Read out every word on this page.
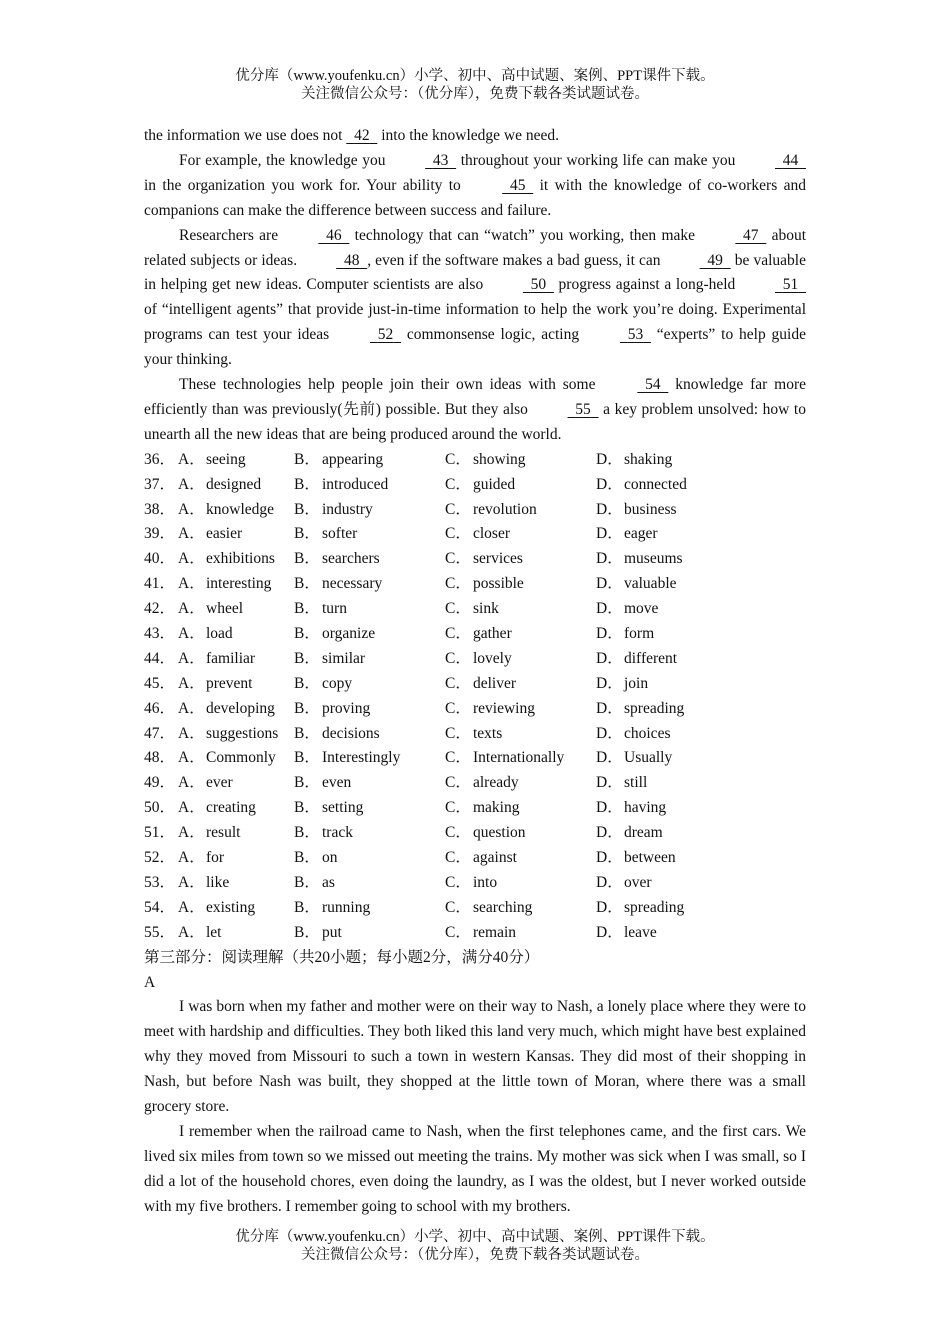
优分库（www.youfenku.cn）小学、初中、高中试题、案例、PPT课件下载。
关注微信公众号：（优分库），免费下载各类试题试卷。

the information we use does not 42 into the knowledge we need.

For example, the knowledge you	43 throughout your working life can make you	44 in the organization you work for. Your ability to	45 it with the knowledge of co-workers and companions can make the difference between success and failure.

Researchers are	46 technology that can “watch” you working, then make	47 about related subjects or ideas.	48 , even if the software makes a bad guess, it can	49 be valuable in helping get new ideas. Computer scientists are also	50 progress against a long-held	51 of “intelligent agents” that provide just-in-time information to help the work you’re doing. Experimental programs can test your ideas	52 commonsense logic, acting	53 “experts” to help guide your thinking.

These technologies help people join their own ideas with some	54 knowledge far more efficiently than was previously(先前) possible. But they also	55 a key problem unsolved: how to unearth all the new ideas that are being produced around the world.

36． A．seeing	B． appearing	C． showing	D．shaking
37． A．designed	B． introduced	C． guided	D．connected
38． A．knowledge	B． industry	C． revolution	D．business
39． A．easier	B． softer	C． closer	D．eager
40． A．exhibitions	B． searchers	C． services	D．museums
41． A．interesting	B． necessary	C． possible	D．valuable
42． A．wheel	B． turn	C． sink	D．move
43． A．load	B． organize	C． gather	D．form
44． A．familiar	B． similar	C． lovely	D．different
45． A．prevent	B． copy	C． deliver	D．join
46． A．developing	B． proving	C． reviewing	D．spreading
47． A．suggestions	B． decisions	C． texts	D．choices
48． A．Commonly	B． Interestingly	C． Internationally	D．Usually
49． A．ever	B． even	C． already	D．still
50． A．creating	B． setting	C． making	D．having
51． A．result	B． track	C． question	D．dream
52． A．for	B． on	C． against	D．between
53． A．like	B． as	C． into	D．over
54． A．existing	B． running	C． searching	D．spreading
55． A．let	B． put	C． remain	D．leave

第三部分：阅读理解（共20小题；每小题2分，满分40分）

A

I was born when my father and mother were on their way to Nash, a lonely place where they were to meet with hardship and difficulties. They both liked this land very much, which might have best explained why they moved from Missouri to such a town in western Kansas. They did most of their shopping in Nash, but before Nash was built, they shopped at the little town of Moran, where there was a small grocery store.

I remember when the railroad came to Nash, when the first telephones came, and the first cars. We lived six miles from town so we missed out meeting the trains. My mother was sick when I was small, so I did a lot of the household chores, even doing the laundry, as I was the oldest, but I never worked outside with my five brothers. I remember going to school with my brothers.

优分库（www.youfenku.cn）小学、初中、高中试题、案例、PPT课件下载。
关注微信公众号：（优分库），免费下载各类试题试卷。
